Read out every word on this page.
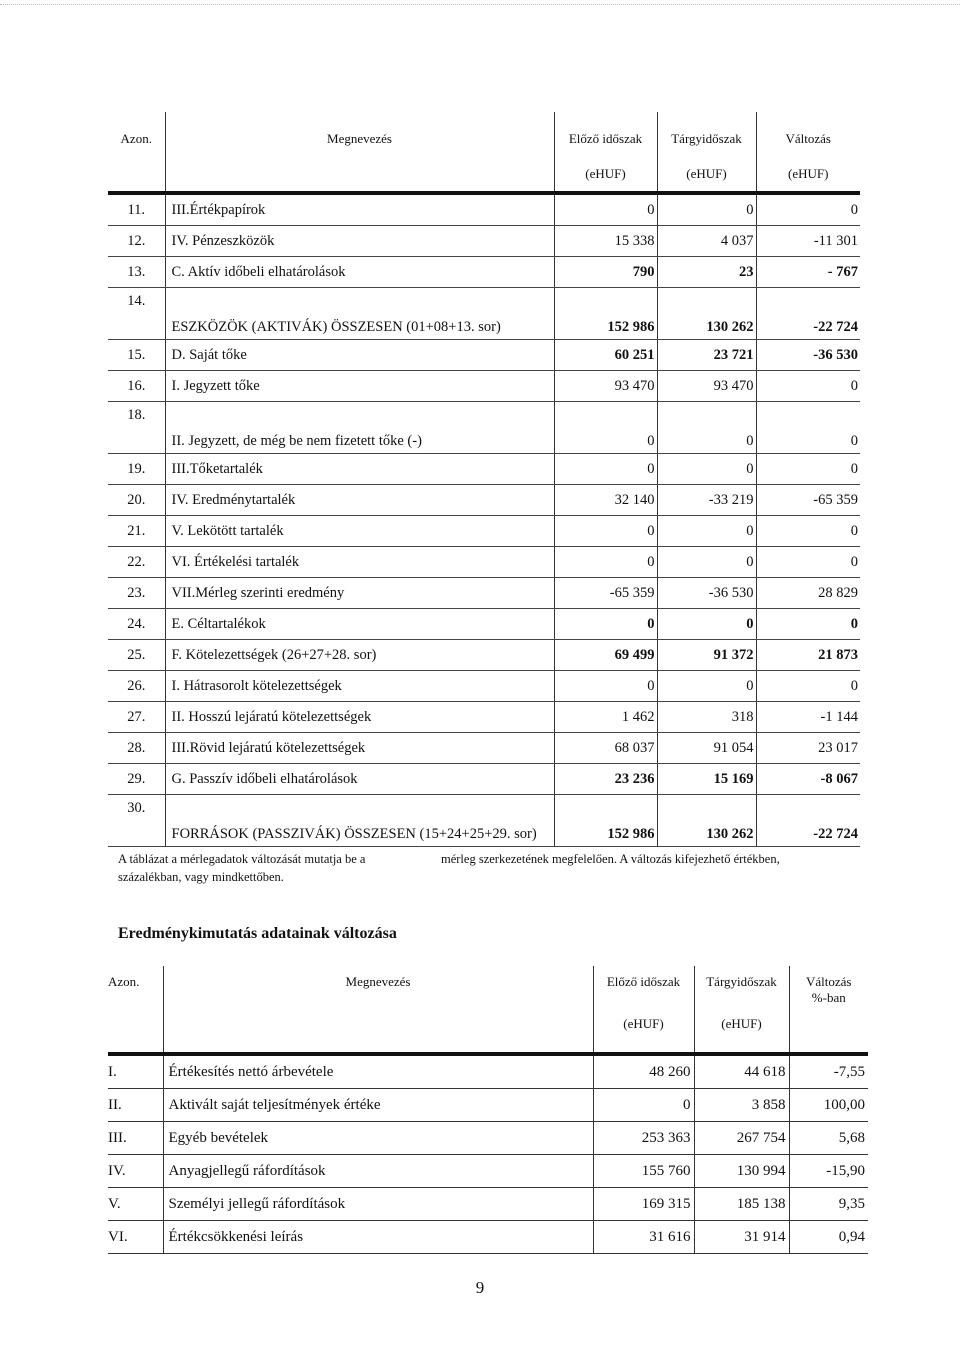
Azon.	Megnevezés	Előző időszak	Tárgyidőszak	Változás
		(eHUF)	(eHUF)	(eHUF)

11.	III.Értékpapírok	0	0	0
12.	IV. Pénzeszközök	15 338	4 037	-11 301
13.	C. Aktív időbeli elhatárolások	790	23	- 767
14.	ESZKÖZÖK (AKTIVÁK) ÖSSZESEN (01+08+13. sor)	152 986	130 262	-22 724
15.	D. Saját tőke	60 251	23 721	-36 530
16.	I. Jegyzett tőke	93 470	93 470	0
18.	II. Jegyzett, de még be nem fizetett tőke (-)	0	0	0
19.	III.Tőketartalék	0	0	0
20.	IV. Eredménytartalék	32 140	-33 219	-65 359
21.	V. Lekötött tartalék	0	0	0
22.	VI. Értékelési tartalék	0	0	0
23.	VII.Mérleg szerinti eredmény	-65 359	-36 530	28 829
24.	E. Céltartalékok	0	0	0
25.	F. Kötelezettségek (26+27+28. sor)	69 499	91 372	21 873
26.	I. Hátrasorolt kötelezettségek	0	0	0
27.	II. Hosszú lejáratú kötelezettségek	1 462	318	-1 144
28.	III.Rövid lejáratú kötelezettségek	68 037	91 054	23 017
29.	G. Passzív időbeli elhatárolások	23 236	15 169	-8 067
30.	FORRÁSOK (PASSZIVÁK) ÖSSZESEN (15+24+25+29. sor)	152 986	130 262	-22 724
A táblázat a mérlegadatok változását mutatja be a	mérleg szerkezetének megfelelően. A változás kifejezhető értékben,

százalékban, vagy mindkettőben.
Eredménykimutatás adatainak változása
Azon.	Megnevezés	Előző időszak	Tárgyidőszak	Változás
%-ban
		(eHUF)	(eHUF)	

I.	Értékesítés nettó árbevétele	48 260	44 618	-7,55
II.	Aktivált saját teljesítmények értéke	0	3 858	100,00
III.	Egyéb bevételek	253 363	267 754	5,68
IV.	Anyagjellegű ráfordítások	155 760	130 994	-15,90
V.	Személyi jellegű ráfordítások	169 315	185 138	9,35
VI.	Értékcsökkenési leírás	31 616	31 914	0,94
9
